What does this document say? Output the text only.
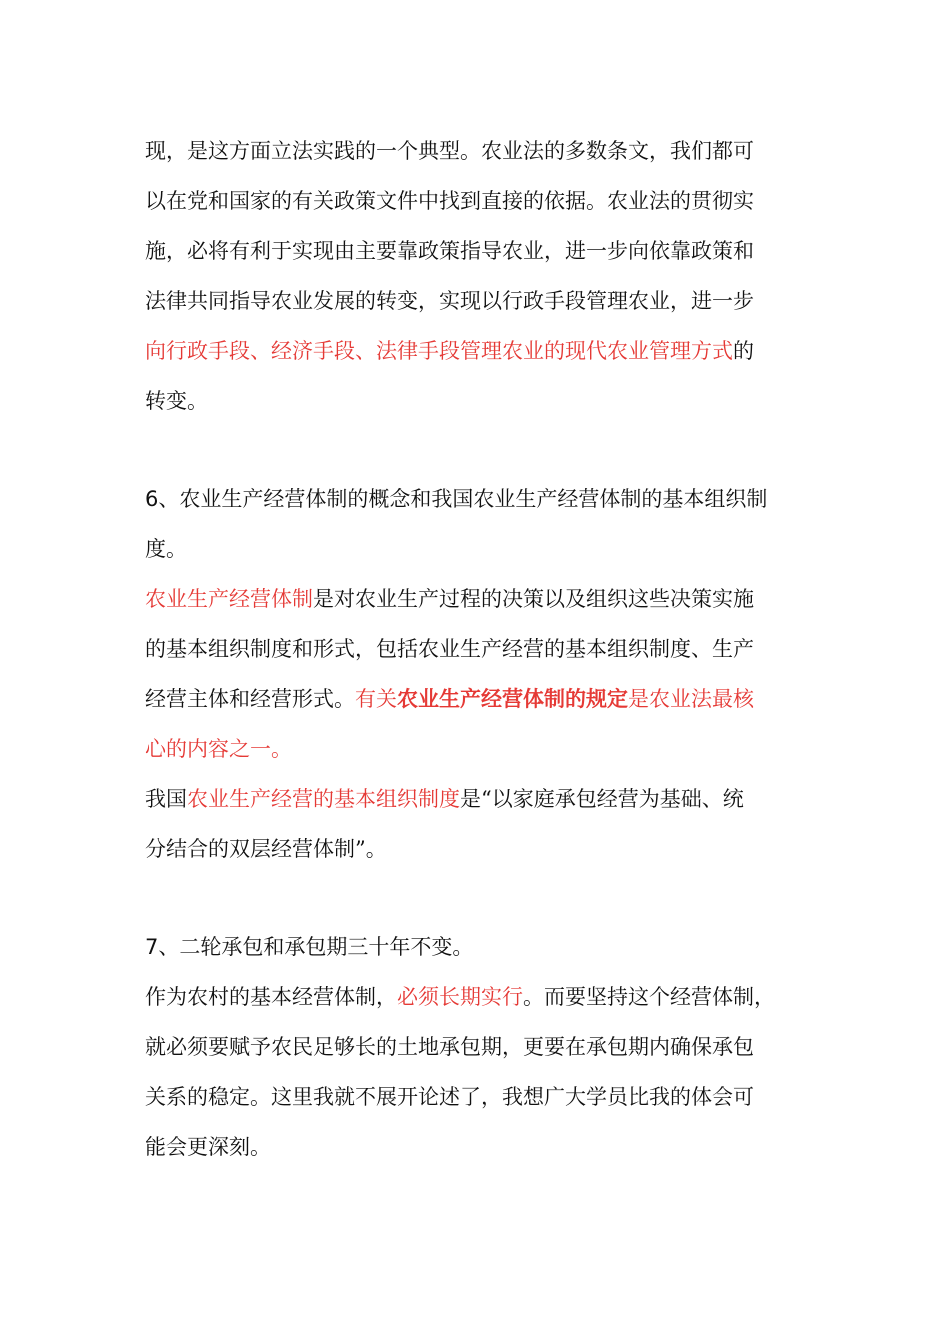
现，是这方面立法实践的一个典型。农业法的多数条文，我们都可

以在党和国家的有关政策文件中找到直接的依据。农业法的贯彻实

施，必将有利于实现由主要靠政策指导农业，进一步向依靠政策和

法律共同指导农业发展的转变，实现以行政手段管理农业，进一步

向行政手段、经济手段、法律手段管理农业的现代农业管理方式的

转变。

6、农业生产经营体制的概念和我国农业生产经营体制的基本组织制

度。

农业生产经营体制是对农业生产过程的决策以及组织这些决策实施

的基本组织制度和形式，包括农业生产经营的基本组织制度、生产

经营主体和经营形式。有关农业生产经营体制的规定是农业法最核

心的内容之一。

我国农业生产经营的基本组织制度是“以家庭承包经营为基础、统

分结合的双层经营体制”。

7、二轮承包和承包期三十年不变。

作为农村的基本经营体制，必须长期实行。而要坚持这个经营体制，

就必须要赋予农民足够长的土地承包期，更要在承包期内确保承包

关系的稳定。这里我就不展开论述了，我想广大学员比我的体会可

能会更深刻。
